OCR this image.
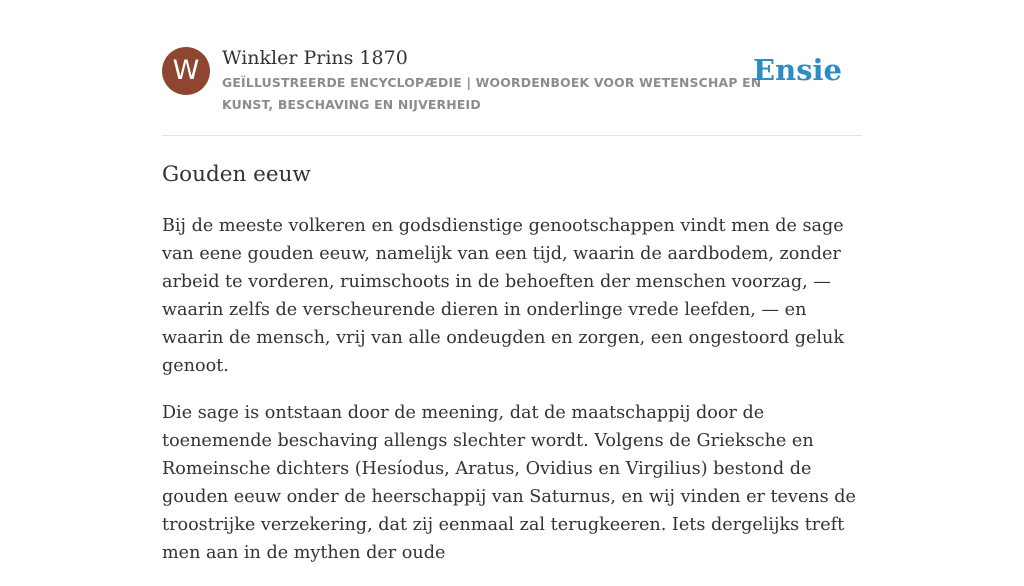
W	Winkler Prins 1870

GEÏLLUSTREERDE ENCYCLOPÆDIE | WOORDENBOEK VOOR WETENSCHAP EN KUNST, BESCHAVING EN NIJVERHEID

Ensie
Gouden eeuw

Bij de meeste volkeren en godsdienstige genootschappen vindt men de sage van eene gouden eeuw, namelijk van een tijd, waarin de aardbodem, zonder arbeid te vorderen, ruimschoots in de behoeften der menschen voorzag, — waarin zelfs de verscheurende dieren in onderlinge vrede leefden, — en waarin de mensch, vrij van alle ondeugden en zorgen, een ongestoord geluk genoot.

Die sage is ontstaan door de meening, dat de maatschappij door de toenemende beschaving allengs slechter wordt. Volgens de Grieksche en Romeinsche dichters (Hesíodus, Aratus, Ovidius en Virgilius) bestond de gouden eeuw onder de heerschappij van Saturnus, en wij vinden er tevens de troostrijke verzekering, dat zij eenmaal zal terugkeeren. Iets dergelijks treft men aan in de mythen der oude
